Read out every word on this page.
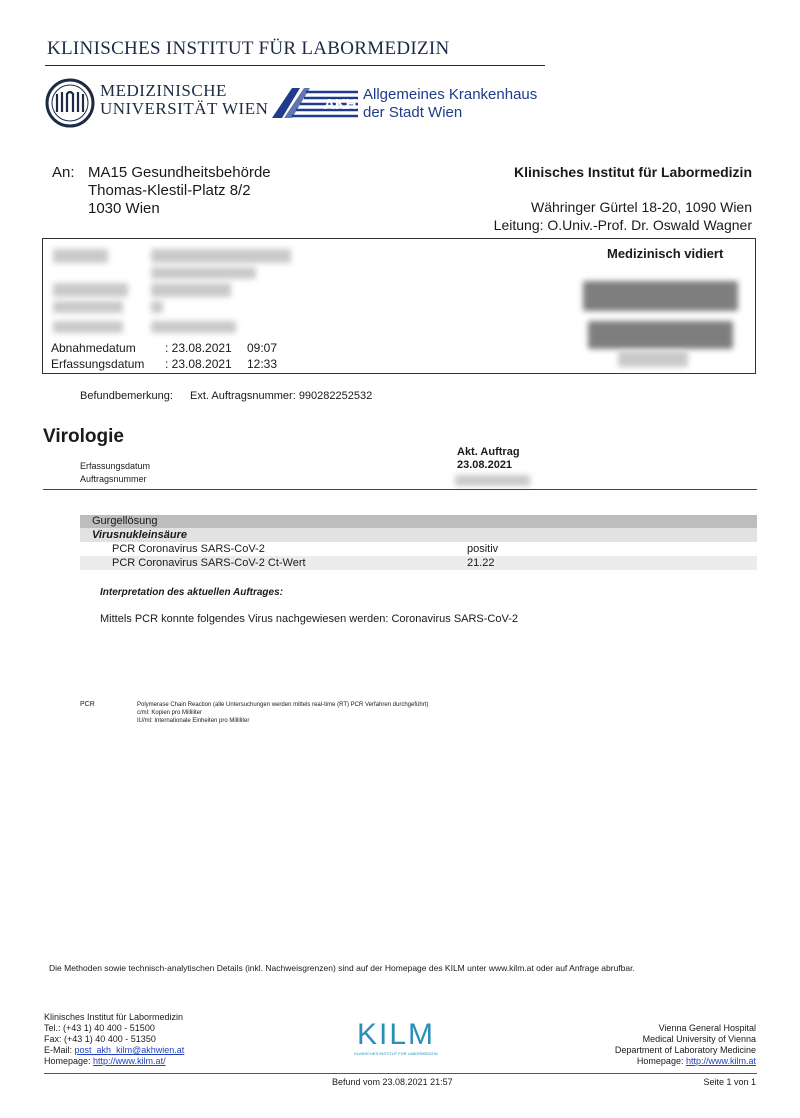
KLINISCHES INSTITUT FÜR LABORMEDIZIN
MEDIZINISCHE
UNIVERSITÄT WIEN	AKH
Allgemeines Krankenhaus
der Stadt Wien
An: MA15 Gesundheitsbehörde
Thomas-Klestil-Platz 8/2
1030 Wien
Klinisches Institut für Labormedizin
Währinger Gürtel 18-20, 1090 Wien
Leitung: O.Univ.-Prof. Dr. Oswald Wagner
Abnahmedatum : 23.08.2021 09:07
Erfassungsdatum : 23.08.2021 12:33
Medizinisch vidiert
Befundbemerkung: Ext. Auftragsnummer: 990282252532
Virologie
Akt. Auftrag
23.08.2021
Erfassungsdatum
Auftragsnummer
Gurgellösung
Virusnukleinsäure
PCR Coronavirus SARS-CoV-2	positiv
PCR Coronavirus SARS-CoV-2 Ct-Wert	21.22
Interpretation des aktuellen Auftrages:
Mittels PCR konnte folgendes Virus nachgewiesen werden: Coronavirus SARS-CoV-2
PCR	Polymerase Chain Reaction (alle Untersuchungen werden mittels real-time (RT) PCR Verfahren durchgeführt)
c/ml: Kopien pro Milliliter
IU/ml: Internationale Einheiten pro Milliliter
Die Methoden sowie technisch-analytischen Details (inkl. Nachweisgrenzen) sind auf der Homepage des KILM unter www.kilm.at oder auf Anfrage abrufbar.
Klinisches Institut für Labormedizin
Tel.: (+43 1) 40 400 - 51500
Fax: (+43 1) 40 400 - 51350
E-Mail: post_akh_kilm@akhwien.at
Homepage: http://www.kilm.at/
KILM
KLINISCHES INSTITUT FÜR LABORMEDIZIN
Vienna General Hospital
Medical University of Vienna
Department of Laboratory Medicine
Homepage: http://www.kilm.at
Befund vom 23.08.2021 21:57	Seite 1 von 1
